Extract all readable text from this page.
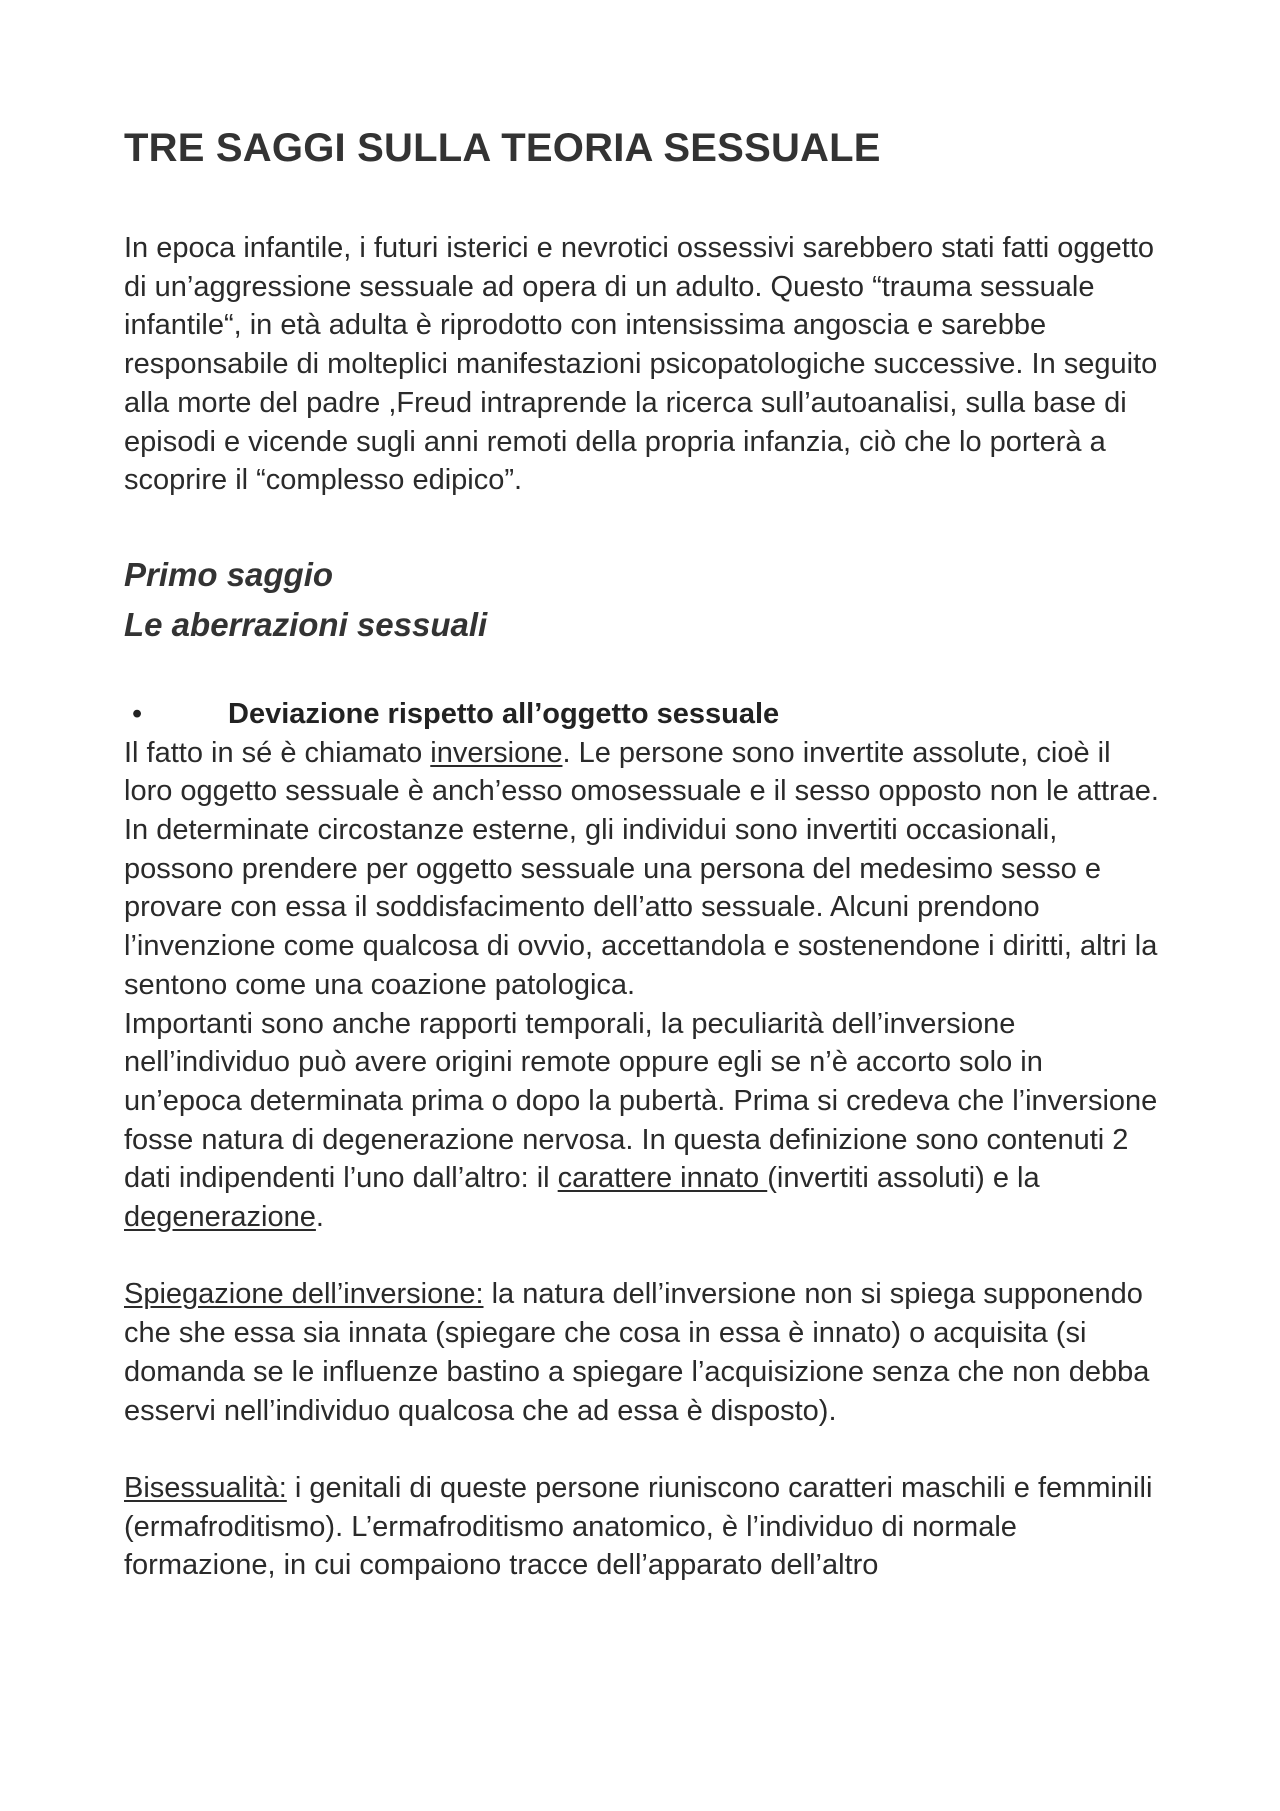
TRE SAGGI SULLA TEORIA SESSUALE

In epoca infantile, i futuri isterici e nevrotici ossessivi sarebbero stati fatti oggetto di un’aggressione sessuale ad opera di un adulto. Questo “trauma sessuale infantile“, in età adulta è riprodotto con intensissima angoscia e sarebbe responsabile di molteplici manifestazioni psicopatologiche successive. In seguito alla morte del padre ,Freud intraprende la ricerca sull’autoanalisi, sulla base di episodi e vicende sugli anni remoti della propria infanzia, ciò che lo porterà a scoprire il “complesso edipico”.

Primo saggio
Le aberrazioni sessuali
•	Deviazione rispetto all’oggetto sessuale

Il fatto in sé è chiamato inversione. Le persone sono invertite assolute, cioè il loro oggetto sessuale è anch’esso omosessuale e il sesso opposto non le attrae. In determinate circostanze esterne, gli individui sono invertiti occasionali, possono prendere per oggetto sessuale una persona del medesimo sesso e provare con essa il soddisfacimento dell’atto sessuale. Alcuni prendono l’invenzione come qualcosa di ovvio, accettandola e sostenendone i diritti, altri la sentono come una coazione patologica.

Importanti sono anche rapporti temporali, la peculiarità dell’inversione nell’individuo può avere origini remote oppure egli se n’è accorto solo in un’epoca determinata prima o dopo la pubertà. Prima si credeva che l’inversione fosse natura di degenerazione nervosa. In questa definizione sono contenuti 2 dati indipendenti l’uno dall’altro: il carattere innato (invertiti assoluti) e la degenerazione.

Spiegazione dell’inversione: la natura dell’inversione non si spiega supponendo che she essa sia innata (spiegare che cosa in essa è innato) o acquisita (si domanda se le influenze bastino a spiegare l’acquisizione senza che non debba esservi nell’individuo qualcosa che ad essa è disposto).

Bisessualità: i genitali di queste persone riuniscono caratteri maschili e femminili (ermafroditismo). L’ermafroditismo anatomico, è l’individuo di normale formazione, in cui compaiono tracce dell’apparato dell’altro
